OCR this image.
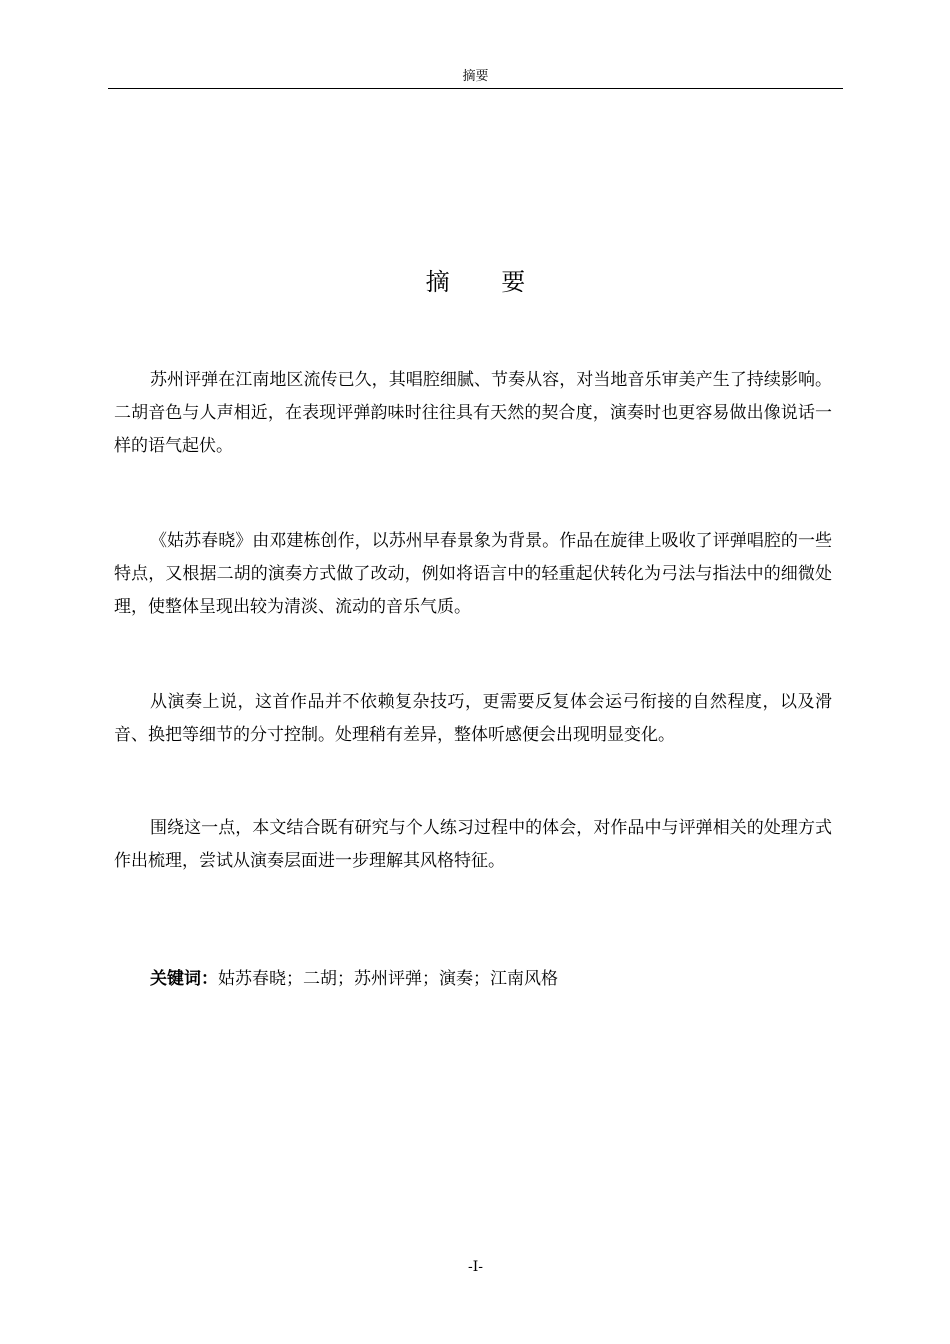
摘要
摘 要

苏州评弹在江南地区流传已久，其唱腔细腻、节奏从容，对当地音乐审美产生了持续影响。二胡音色与人声相近，在表现评弹韵味时往往具有天然的契合度，演奏时也更容易做出像说话一样的语气起伏。

《姑苏春晓》由邓建栋创作，以苏州早春景象为背景。作品在旋律上吸收了评弹唱腔的一些特点，又根据二胡的演奏方式做了改动，例如将语言中的轻重起伏转化为弓法与指法中的细微处理，使整体呈现出较为清淡、流动的音乐气质。

从演奏上说，这首作品并不依赖复杂技巧，更需要反复体会运弓衔接的自然程度，以及滑音、换把等细节的分寸控制。处理稍有差异，整体听感便会出现明显变化。

围绕这一点，本文结合既有研究与个人练习过程中的体会，对作品中与评弹相关的处理方式作出梳理，尝试从演奏层面进一步理解其风格特征。

关键词：姑苏春晓；二胡；苏州评弹；演奏；江南风格
-I-
